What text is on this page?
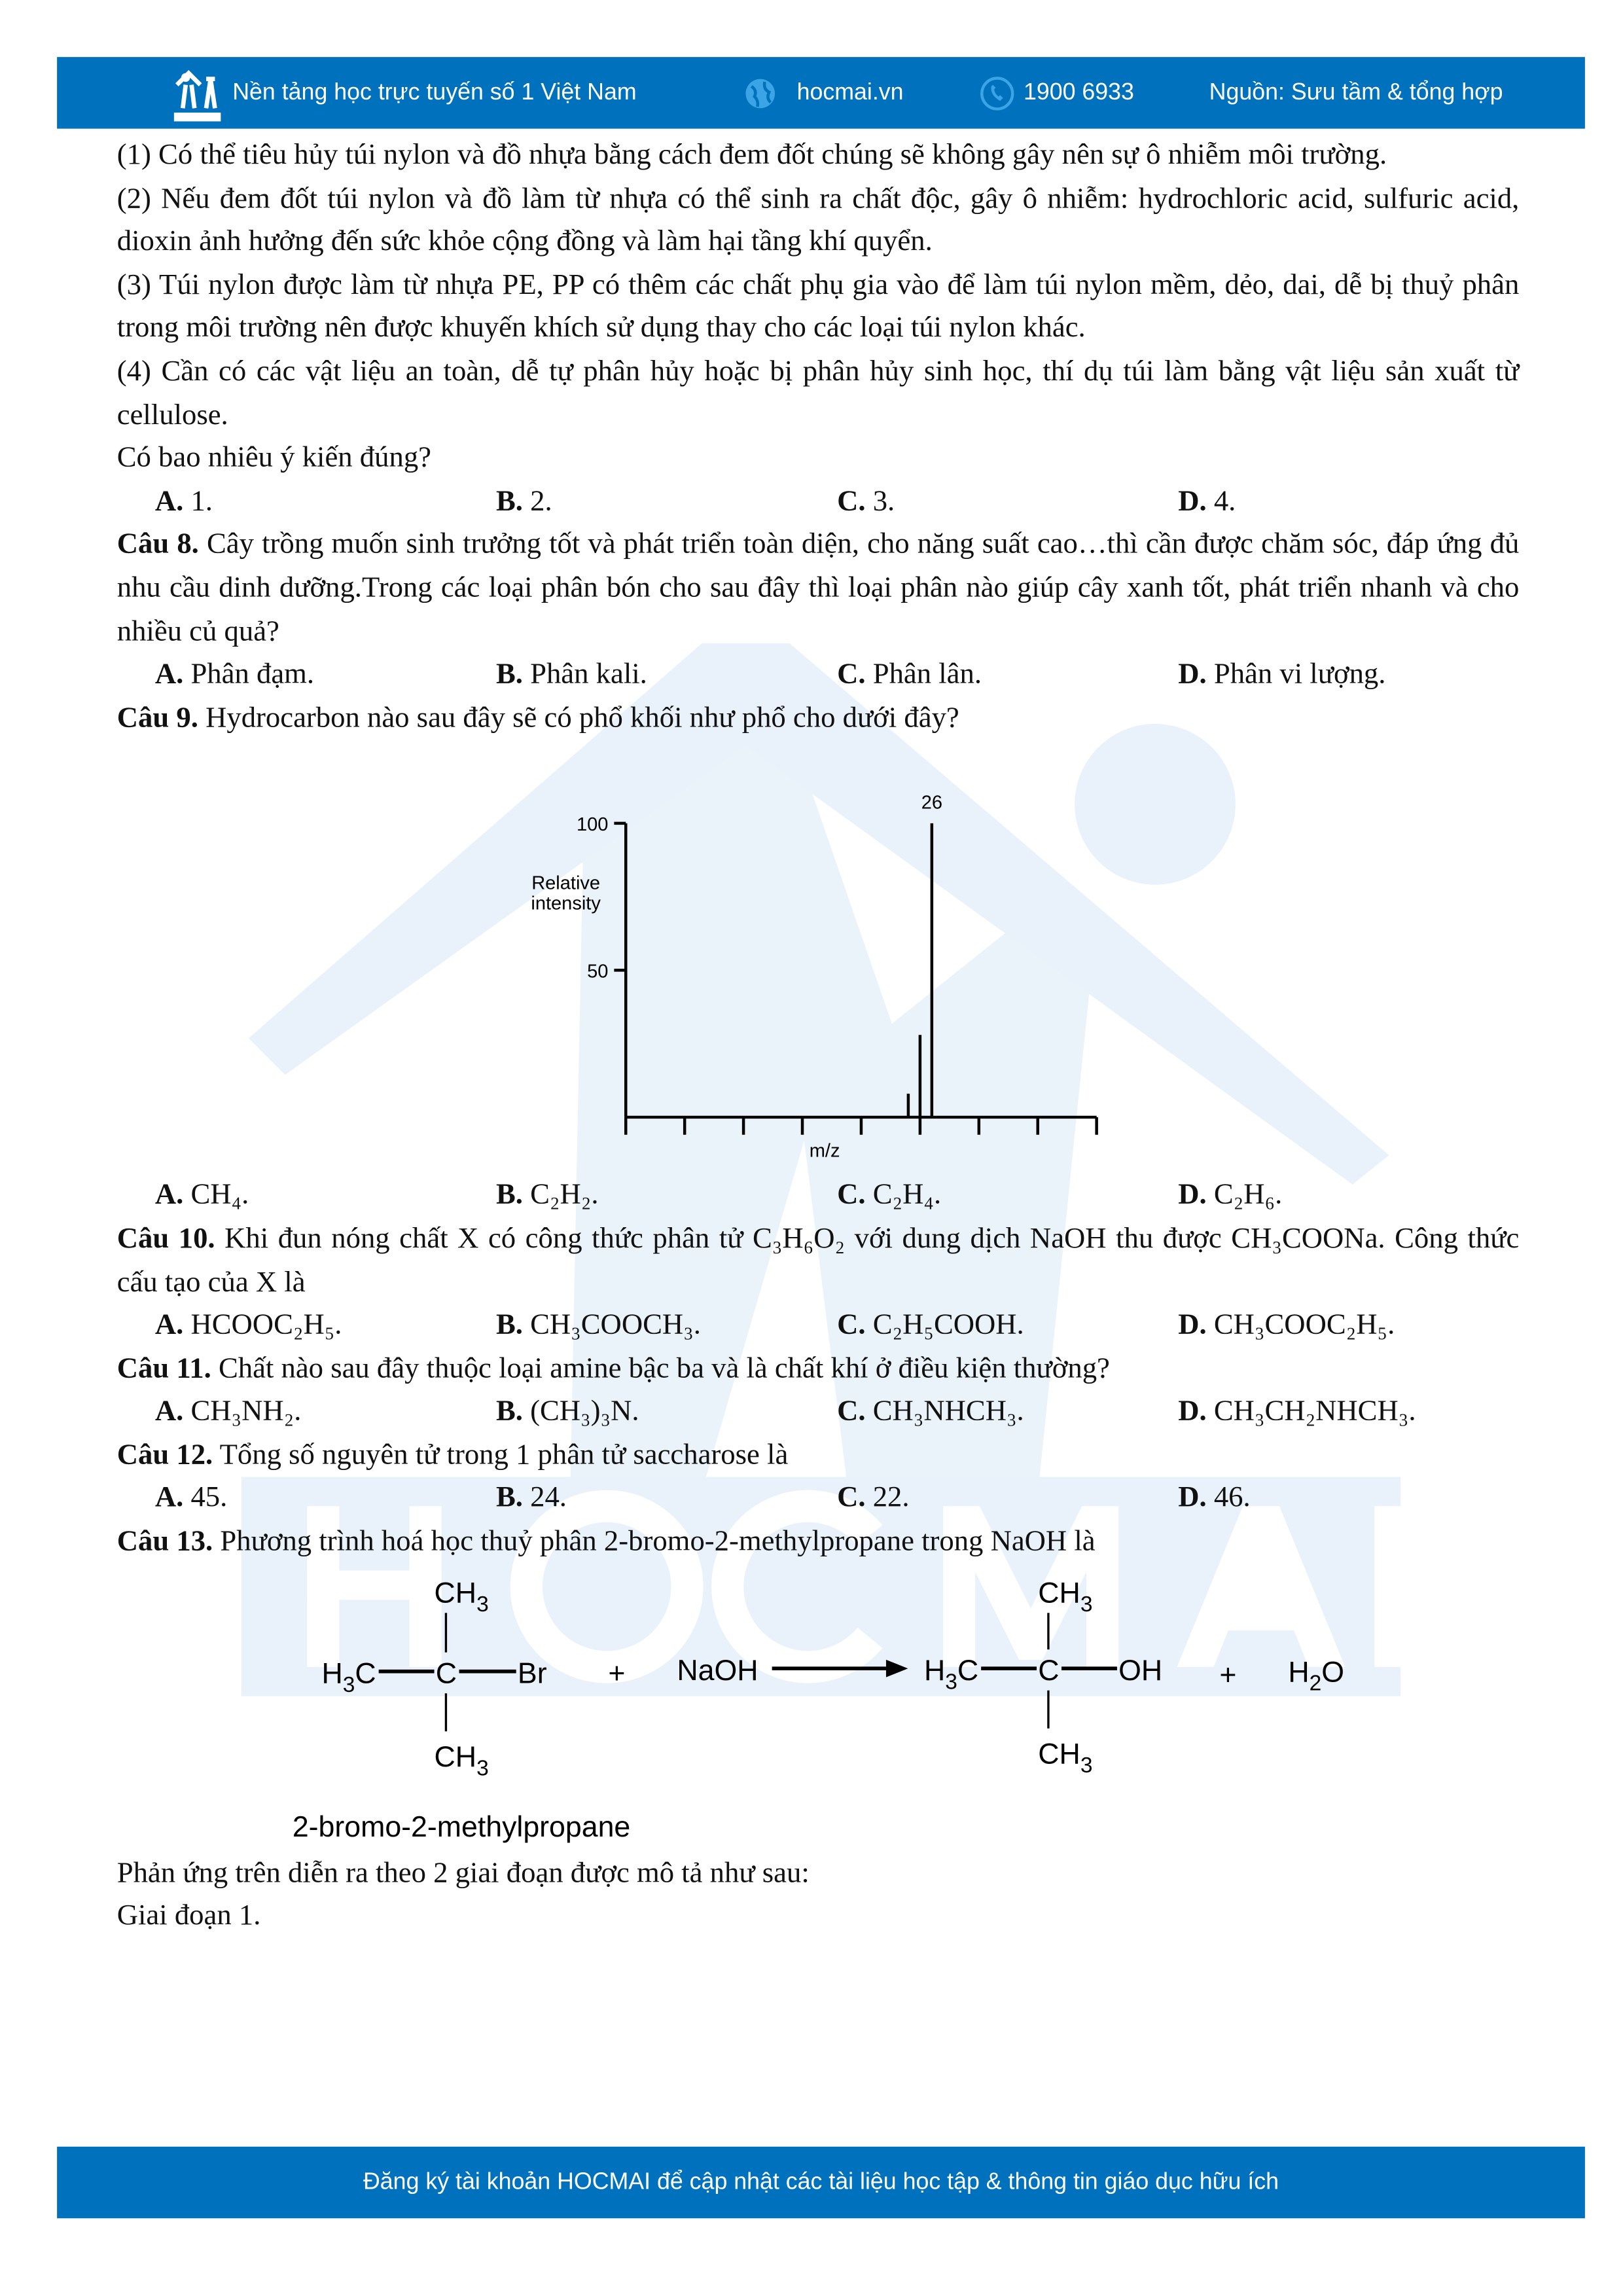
Nền tảng học trực tuyến số 1 Việt Nam	hocmai.vn	1900 6933	Nguồn: Sưu tầm & tổng hợp

(1) Có thể tiêu hủy túi nylon và đồ nhựa bằng cách đem đốt chúng sẽ không gây nên sự ô nhiễm môi trường.

(2) Nếu đem đốt túi nylon và đồ làm từ nhựa có thể sinh ra chất độc, gây ô nhiễm: hydrochloric acid, sulfuric acid, dioxin ảnh hưởng đến sức khỏe cộng đồng và làm hại tầng khí quyển.

(3) Túi nylon được làm từ nhựa PE, PP có thêm các chất phụ gia vào để làm túi nylon mềm, dẻo, dai, dễ bị thuỷ phân trong môi trường nên được khuyến khích sử dụng thay cho các loại túi nylon khác.

(4) Cần có các vật liệu an toàn, dễ tự phân hủy hoặc bị phân hủy sinh học, thí dụ túi làm bằng vật liệu sản xuất từ cellulose.

Có bao nhiêu ý kiến đúng?

A. 1.	B. 2.	C. 3.	D. 4.

Câu 8. Cây trồng muốn sinh trưởng tốt và phát triển toàn diện, cho năng suất cao…thì cần được chăm sóc, đáp ứng đủ nhu cầu dinh dưỡng.Trong các loại phân bón cho sau đây thì loại phân nào giúp cây xanh tốt, phát triển nhanh và cho nhiều củ quả?

A. Phân đạm.	B. Phân kali.	C. Phân lân.	D. Phân vi lượng.

Câu 9. Hydrocarbon nào sau đây sẽ có phổ khối như phổ cho dưới đây?

50
100
26
Relative
intensity
m/z
A. CH₄.	B. C₂H₂.	C. C₂H₄.	D. C₂H₆.

Câu 10. Khi đun nóng chất X có công thức phân tử C₃H₆O₂ với dung dịch NaOH thu được CH₃COONa. Công thức cấu tạo của X là

A. HCOOC₂H₅.	B. CH₃COOCH₃.	C. C₂H₅COOH.	D. CH₃COOC₂H₅.

Câu 11. Chất nào sau đây thuộc loại amine bậc ba và là chất khí ở điều kiện thường?

A. CH₃NH₂.	B. (CH₃)₃N.	C. CH₃NHCH₃.	D. CH₃CH₂NHCH₃.

Câu 12. Tổng số nguyên tử trong 1 phân tử saccharose là

A. 45.	B. 24.	C. 22.	D. 46.

Câu 13. Phương trình hoá học thuỷ phân 2-bromo-2-methylpropane trong NaOH là

$CH_3$
$H_3C$	C	Br
$CH_3$
+	NaOH
$CH_3$
$H_3C$	C	OH
$CH_3$
+	$H_2O$
2-bromo-2-methylpropane

Phản ứng trên diễn ra theo 2 giai đoạn được mô tả như sau:

Giai đoạn 1.

Đăng ký tài khoản HOCMAI để cập nhật các tài liệu học tập & thông tin giáo dục hữu ích
